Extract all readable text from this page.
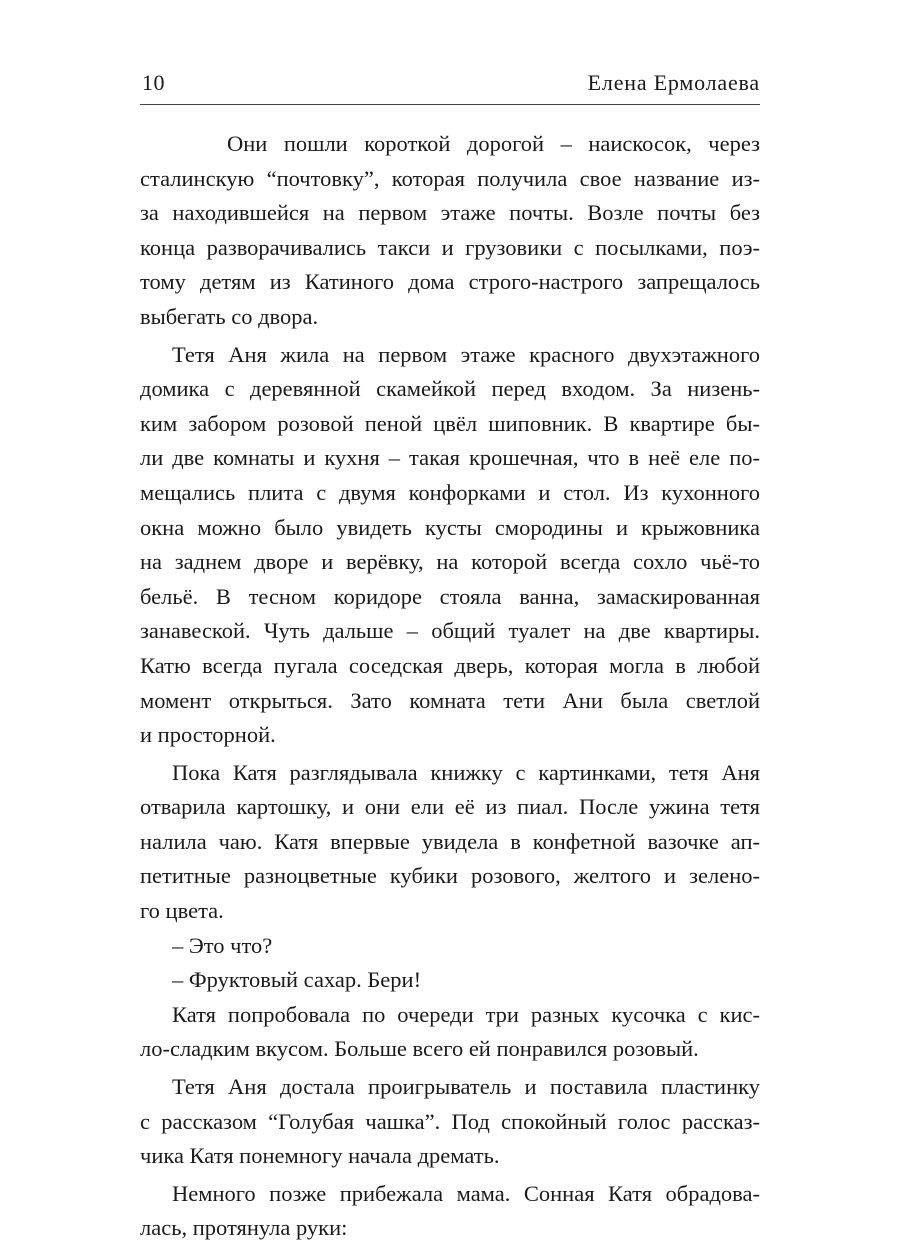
10	Елена Ермолаева
Они пошли короткой дорогой – наискосок, через
сталинскую “почтовку”, которая получила свое название из-
за находившейся на первом этаже почты. Возле почты без
конца разворачивались такси и грузовики с посылками, поэ-
тому детям из Катиного дома строго-настрого запрещалось
выбегать со двора.
Тетя Аня жила на первом этаже красного двухэтажного
домика с деревянной скамейкой перед входом. За низень-
ким забором розовой пеной цвёл шиповник. В квартире бы-
ли две комнаты и кухня – такая крошечная, что в неё еле по-
мещались плита с двумя конфорками и стол. Из кухонного
окна можно было увидеть кусты смородины и крыжовника
на заднем дворе и верёвку, на которой всегда сохло чьё-то
бельё. В тесном коридоре стояла ванна, замаскированная
занавеской. Чуть дальше – общий туалет на две квартиры.
Катю всегда пугала соседская дверь, которая могла в любой
момент открыться. Зато комната тети Ани была светлой
и просторной.
Пока Катя разглядывала книжку с картинками, тетя Аня
отварила картошку, и они ели её из пиал. После ужина тетя
налила чаю. Катя впервые увидела в конфетной вазочке ап-
петитные разноцветные кубики розового, желтого и зелено-
го цвета.
– Это что?
– Фруктовый сахар. Бери!
Катя попробовала по очереди три разных кусочка с кис-
ло-сладким вкусом. Больше всего ей понравился розовый.
Тетя Аня достала проигрыватель и поставила пластинку
с рассказом “Голубая чашка”. Под спокойный голос рассказ-
чика Катя понемногу начала дремать.
Немного позже прибежала мама. Сонная Катя обрадова-
лась, протянула руки:
